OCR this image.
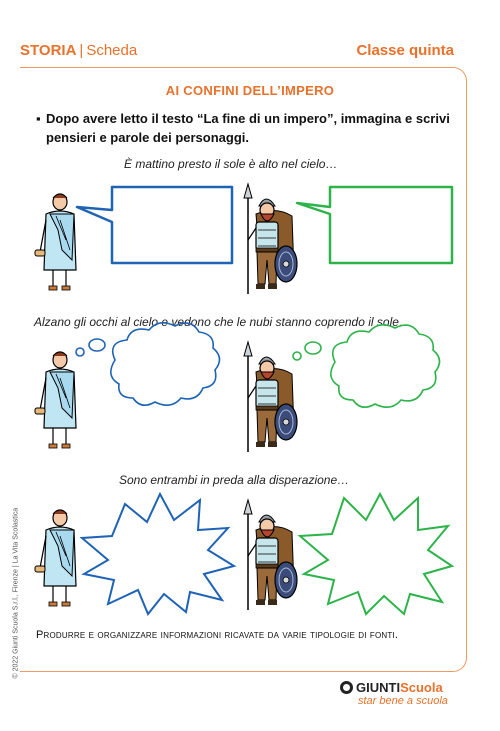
STORIA | Scheda	Classe quinta
AI CONFINI DELL’IMPERO
▪ Dopo avere letto il testo “La fine di un impero”, immagina e scrivi pensieri e parole dei personaggi.
È mattino presto il sole è alto nel cielo…
Alzano gli occhi al cielo e vedono che le nubi stanno coprendo il sole…
Sono entrambi in preda alla disperazione…
Produrre e organizzare informazioni ricavate da varie tipologie di fonti.
© 2022 Giunti Scuola S.r.l., Firenze | La Vita Scolastica
GIUNTIScuola
star bene a scuola
